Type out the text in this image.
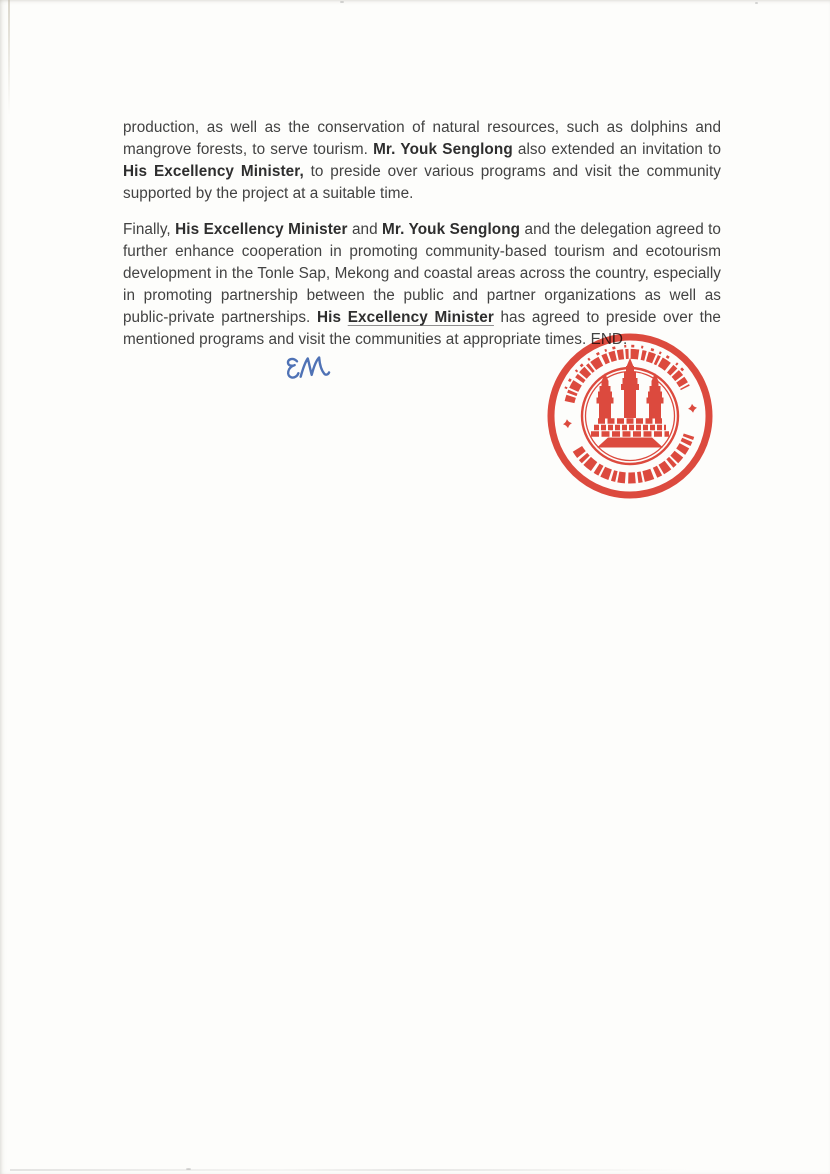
production, as well as the conservation of natural resources, such as dolphins and mangrove forests, to serve tourism. Mr. Youk Senglong also extended an invitation to His Excellency Minister, to preside over various programs and visit the community supported by the project at a suitable time.

Finally, His Excellency Minister and Mr. Youk Senglong and the delegation agreed to further enhance cooperation in promoting community-based tourism and ecotourism development in the Tonle Sap, Mekong and coastal areas across the country, especially in promoting partnership between the public and partner organizations as well as public-private partnerships. His Excellency Minister has agreed to preside over the mentioned programs and visit the communities at appropriate times. END.
